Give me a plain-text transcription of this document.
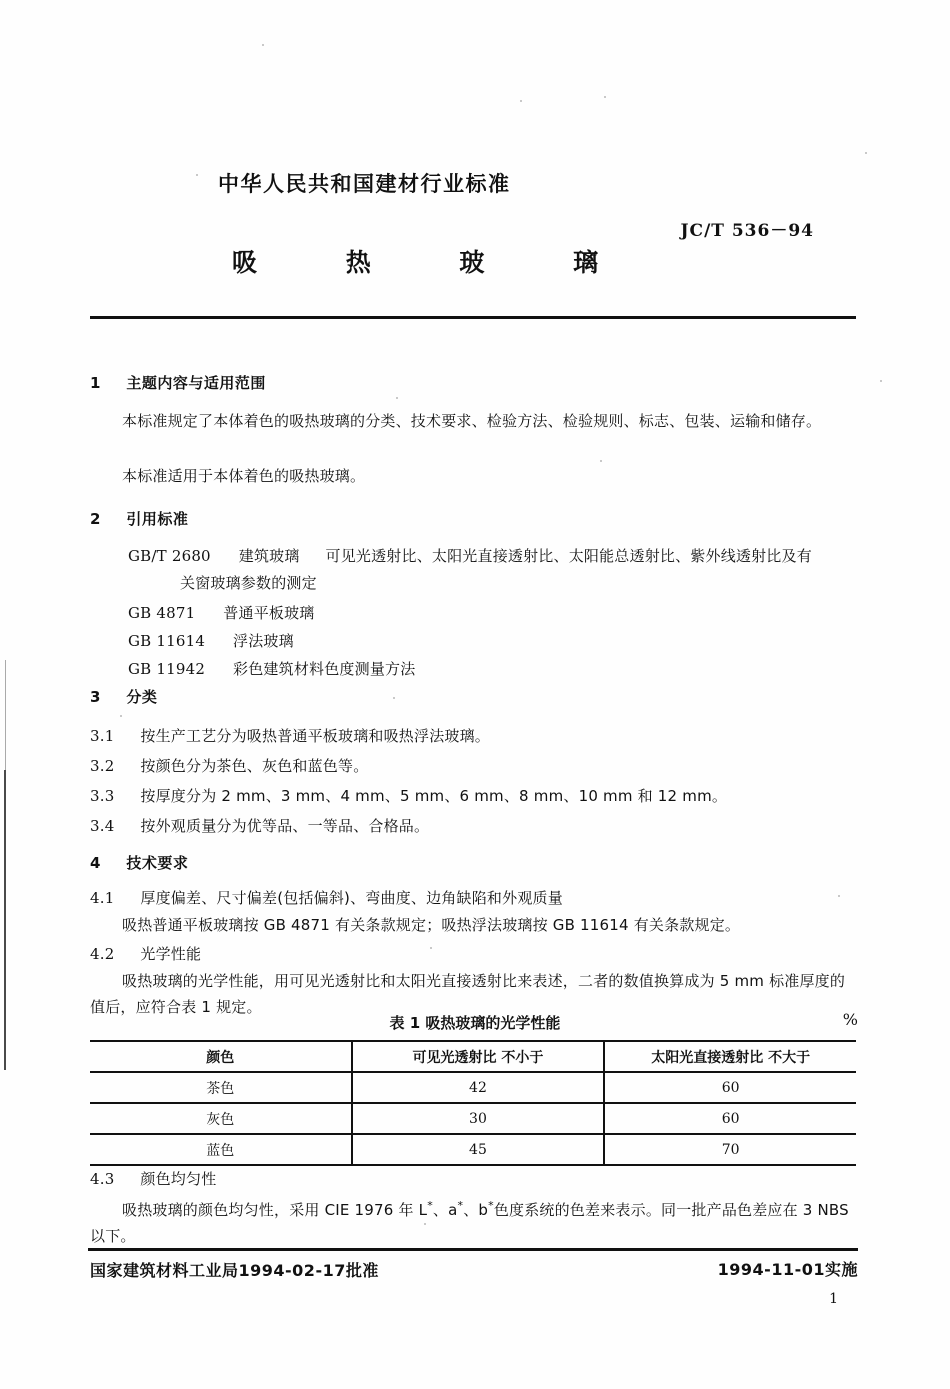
中华人民共和国建材行业标准
JC/T 536－94
吸 热 玻 璃
1 主题内容与适用范围
本标准规定了本体着色的吸热玻璃的分类、技术要求、检验方法、检验规则、标志、包装、运输和储存。
本标准适用于本体着色的吸热玻璃。
2 引用标准
GB/T 2680 建筑玻璃 可见光透射比、太阳光直接透射比、太阳能总透射比、紫外线透射比及有
关窗玻璃参数的测定
GB 4871 普通平板玻璃
GB 11614 浮法玻璃
GB 11942 彩色建筑材料色度测量方法
3 分类
3.1 按生产工艺分为吸热普通平板玻璃和吸热浮法玻璃。
3.2 按颜色分为茶色、灰色和蓝色等。
3.3 按厚度分为 2 mm、3 mm、4 mm、5 mm、6 mm、8 mm、10 mm 和 12 mm。
3.4 按外观质量分为优等品、一等品、合格品。
4 技术要求
4.1 厚度偏差、尺寸偏差(包括偏斜)、弯曲度、边角缺陷和外观质量
吸热普通平板玻璃按 GB 4871 有关条款规定；吸热浮法玻璃按 GB 11614 有关条款规定。
4.2 光学性能
吸热玻璃的光学性能，用可见光透射比和太阳光直接透射比来表述，二者的数值换算成为 5 mm 标准厚度的值后，应符合表 1 规定。
表 1 吸热玻璃的光学性能	%
颜色	可见光透射比 不小于	太阳光直接透射比 不大于
茶色	42	60
灰色	30	60
蓝色	45	70
4.3 颜色均匀性
吸热玻璃的颜色均匀性，采用 CIE 1976 年 L*、a*、b*色度系统的色差来表示。同一批产品色差应在 3 NBS 以下。
国家建筑材料工业局1994-02-17批准	1994-11-01实施
1
